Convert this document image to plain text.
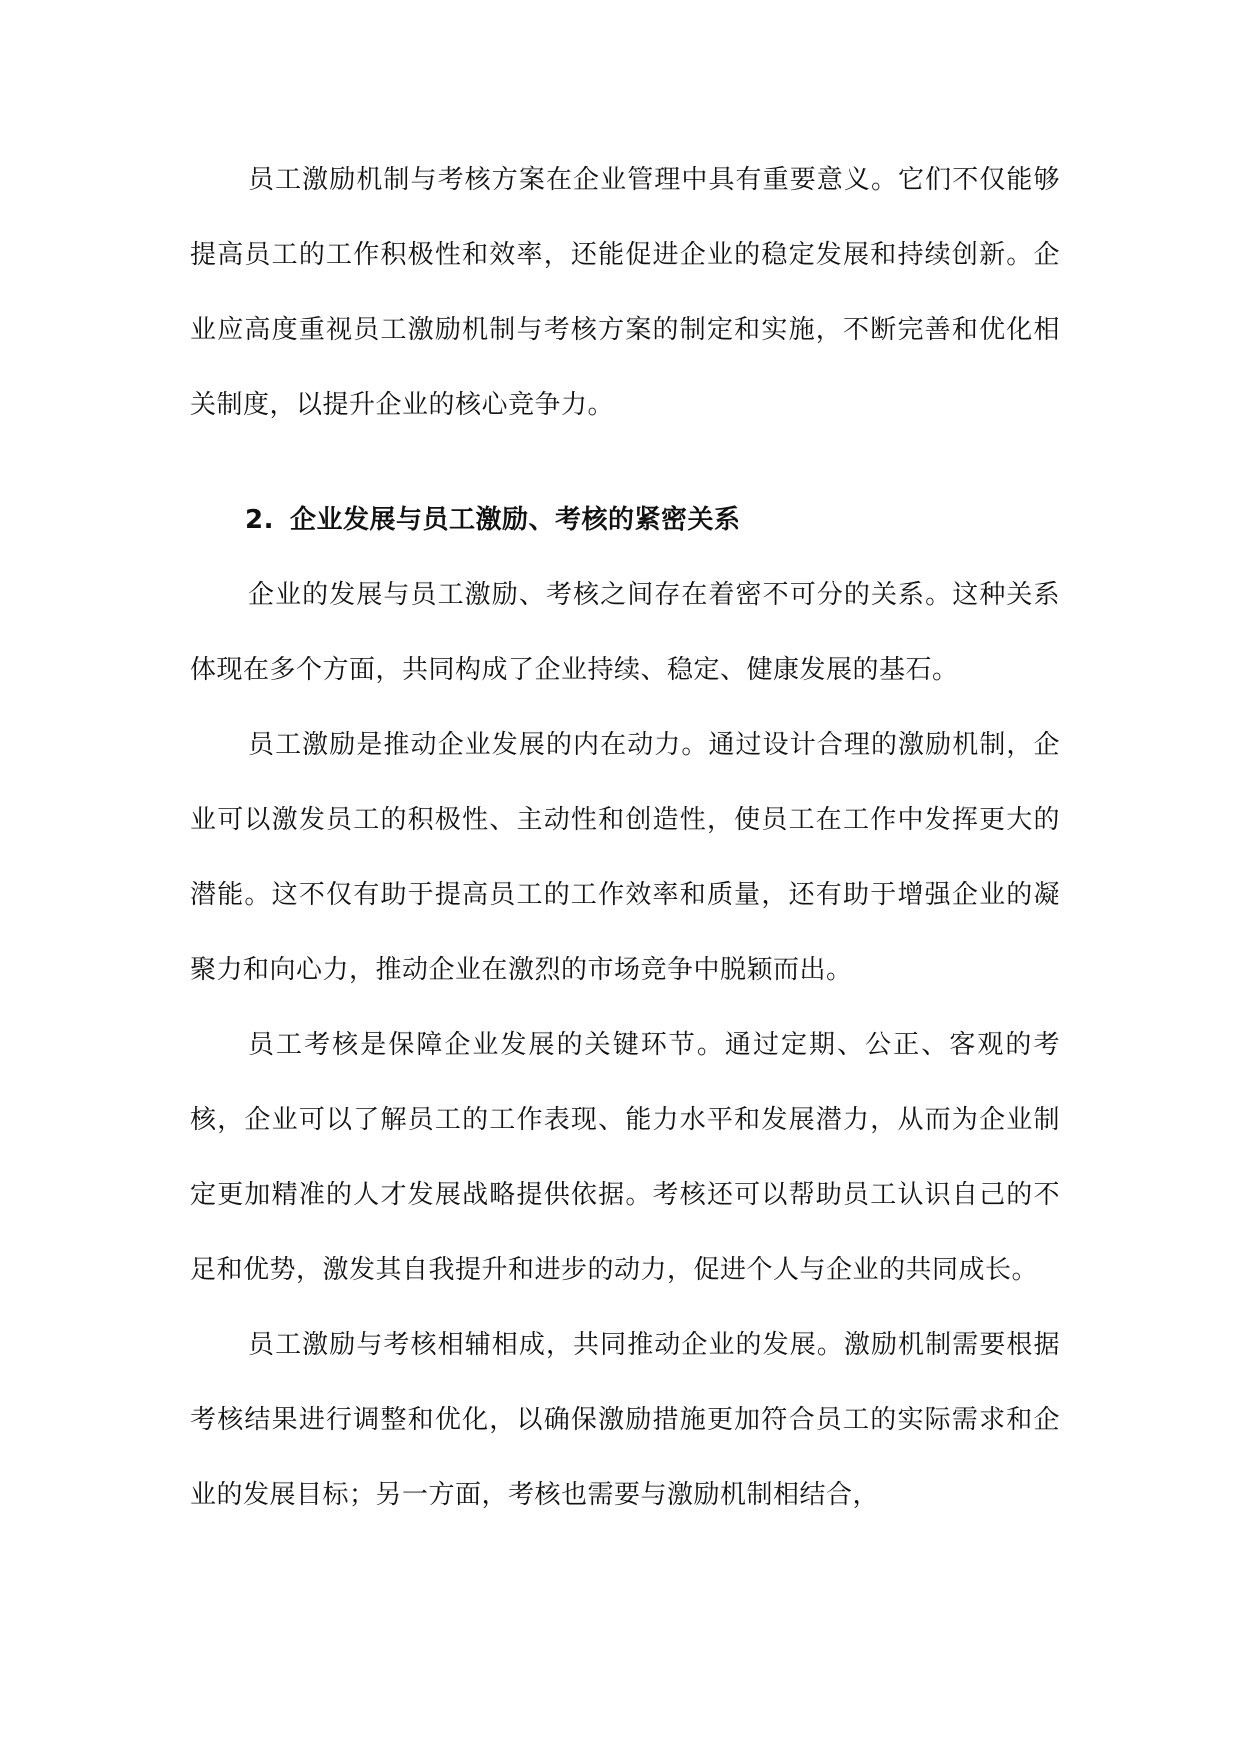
员工激励机制与考核方案在企业管理中具有重要意义。它们不仅能够提高员工的工作积极性和效率，还能促进企业的稳定发展和持续创新。企业应高度重视员工激励机制与考核方案的制定和实施，不断完善和优化相关制度，以提升企业的核心竞争力。

2. 企业发展与员工激励、考核的紧密关系

企业的发展与员工激励、考核之间存在着密不可分的关系。这种关系体现在多个方面，共同构成了企业持续、稳定、健康发展的基石。

员工激励是推动企业发展的内在动力。通过设计合理的激励机制，企业可以激发员工的积极性、主动性和创造性，使员工在工作中发挥更大的潜能。这不仅有助于提高员工的工作效率和质量，还有助于增强企业的凝聚力和向心力，推动企业在激烈的市场竞争中脱颖而出。

员工考核是保障企业发展的关键环节。通过定期、公正、客观的考核，企业可以了解员工的工作表现、能力水平和发展潜力，从而为企业制定更加精准的人才发展战略提供依据。考核还可以帮助员工认识自己的不足和优势，激发其自我提升和进步的动力，促进个人与企业的共同成长。

员工激励与考核相辅相成，共同推动企业的发展。激励机制需要根据考核结果进行调整和优化，以确保激励措施更加符合员工的实际需求和企业的发展目标；另一方面，考核也需要与激励机制相结合，
